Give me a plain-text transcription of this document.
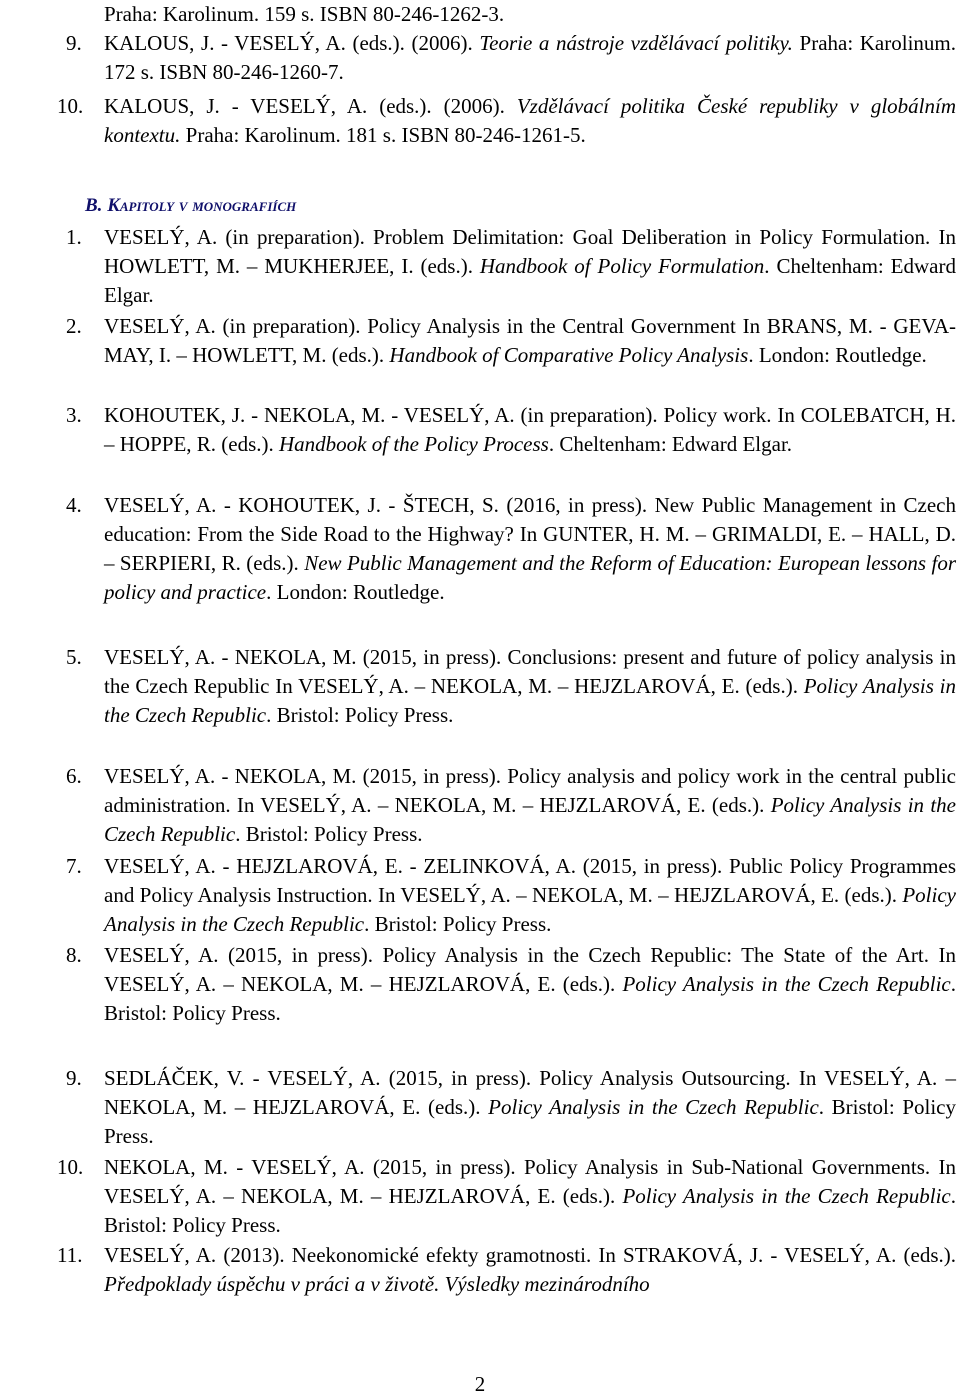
Praha: Karolinum. 159 s. ISBN 80-246-1262-3.
9. KALOUS, J. - VESELÝ, A. (eds.). (2006). Teorie a nástroje vzdělávací politiky. Praha: Karolinum. 172 s. ISBN 80-246-1260-7.
10. KALOUS, J. - VESELÝ, A. (eds.). (2006). Vzdělávací politika České republiky v globálním kontextu. Praha: Karolinum. 181 s. ISBN 80-246-1261-5.
B. Kapitoly v monografiích
1. VESELÝ, A. (in preparation). Problem Delimitation: Goal Deliberation in Policy Formulation. In HOWLETT, M. – MUKHERJEE, I. (eds.). Handbook of Policy Formulation. Cheltenham: Edward Elgar.
2. VESELÝ, A. (in preparation). Policy Analysis in the Central Government In BRANS, M. - GEVA-MAY, I. – HOWLETT, M. (eds.). Handbook of Comparative Policy Analysis. London: Routledge.
3. KOHOUTEK, J. - NEKOLA, M. - VESELÝ, A. (in preparation). Policy work. In COLEBATCH, H. – HOPPE, R. (eds.). Handbook of the Policy Process. Cheltenham: Edward Elgar.
4. VESELÝ, A. - KOHOUTEK, J. - ŠTECH, S. (2016, in press). New Public Management in Czech education: From the Side Road to the Highway? In GUNTER, H. M. – GRIMALDI, E. – HALL, D. – SERPIERI, R. (eds.). New Public Management and the Reform of Education: European lessons for policy and practice. London: Routledge.
5. VESELÝ, A. - NEKOLA, M. (2015, in press). Conclusions: present and future of policy analysis in the Czech Republic In VESELÝ, A. – NEKOLA, M. – HEJZLAROVÁ, E. (eds.). Policy Analysis in the Czech Republic. Bristol: Policy Press.
6. VESELÝ, A. - NEKOLA, M. (2015, in press). Policy analysis and policy work in the central public administration. In VESELÝ, A. – NEKOLA, M. – HEJZLAROVÁ, E. (eds.). Policy Analysis in the Czech Republic. Bristol: Policy Press.
7. VESELÝ, A. - HEJZLAROVÁ, E. - ZELINKOVÁ, A. (2015, in press). Public Policy Programmes and Policy Analysis Instruction. In VESELÝ, A. – NEKOLA, M. – HEJZLAROVÁ, E. (eds.). Policy Analysis in the Czech Republic. Bristol: Policy Press.
8. VESELÝ, A. (2015, in press). Policy Analysis in the Czech Republic: The State of the Art. In VESELÝ, A. – NEKOLA, M. – HEJZLAROVÁ, E. (eds.). Policy Analysis in the Czech Republic. Bristol: Policy Press.
9. SEDLÁČEK, V. - VESELÝ, A. (2015, in press). Policy Analysis Outsourcing. In VESELÝ, A. – NEKOLA, M. – HEJZLAROVÁ, E. (eds.). Policy Analysis in the Czech Republic. Bristol: Policy Press.
10. NEKOLA, M. - VESELÝ, A. (2015, in press). Policy Analysis in Sub-National Governments. In VESELÝ, A. – NEKOLA, M. – HEJZLAROVÁ, E. (eds.). Policy Analysis in the Czech Republic. Bristol: Policy Press.
11. VESELÝ, A. (2013). Neekonomické efekty gramotnosti. In STRAKOVÁ, J. - VESELÝ, A. (eds.). Předpoklady úspěchu v práci a v životě. Výsledky mezinárodního
2
